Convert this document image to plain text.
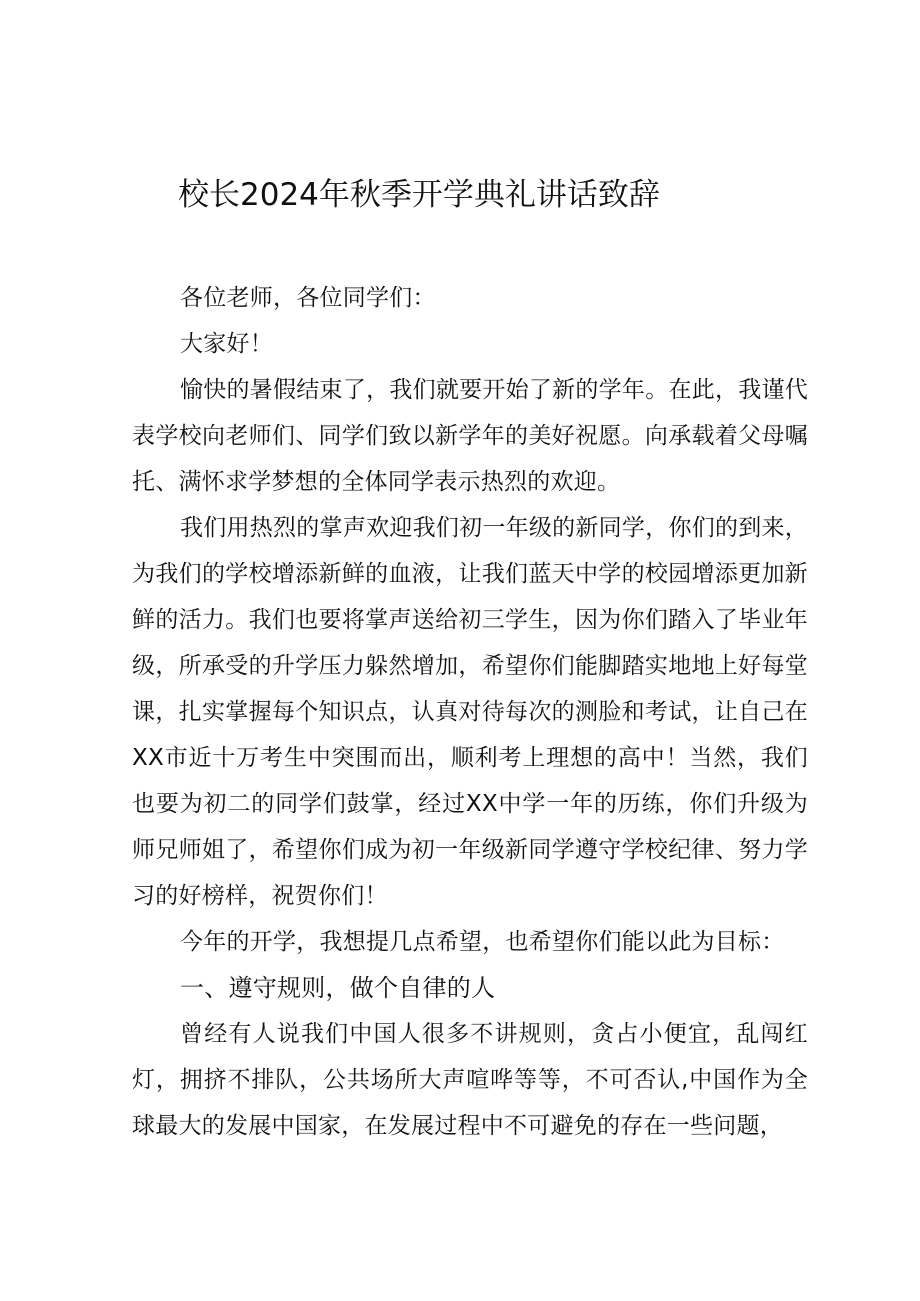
校长2024年秋季开学典礼讲话致辞

各位老师，各位同学们：

大家好！

愉快的暑假结束了，我们就要开始了新的学年。在此，我谨代表学校向老师们、同学们致以新学年的美好祝愿。向承载着父母嘱托、满怀求学梦想的全体同学表示热烈的欢迎。

我们用热烈的掌声欢迎我们初一年级的新同学，你们的到来，为我们的学校增添新鲜的血液，让我们蓝天中学的校园增添更加新鲜的活力。我们也要将掌声送给初三学生，因为你们踏入了毕业年级，所承受的升学压力躲然增加，希望你们能脚踏实地地上好每堂课，扎实掌握每个知识点，认真对待每次的测脸和考试，让自己在XX市近十万考生中突围而出，顺利考上理想的高中！当然，我们也要为初二的同学们鼓掌，经过XX中学一年的历练，你们升级为师兄师姐了，希望你们成为初一年级新同学遵守学校纪律、努力学习的好榜样，祝贺你们！

今年的开学，我想提几点希望，也希望你们能以此为目标：

一、遵守规则，做个自律的人

曾经有人说我们中国人很多不讲规则，贪占小便宜，乱闯红灯，拥挤不排队，公共场所大声喧哗等等，不可否认,中国作为全球最大的发展中国家，在发展过程中不可避免的存在一些问题，
